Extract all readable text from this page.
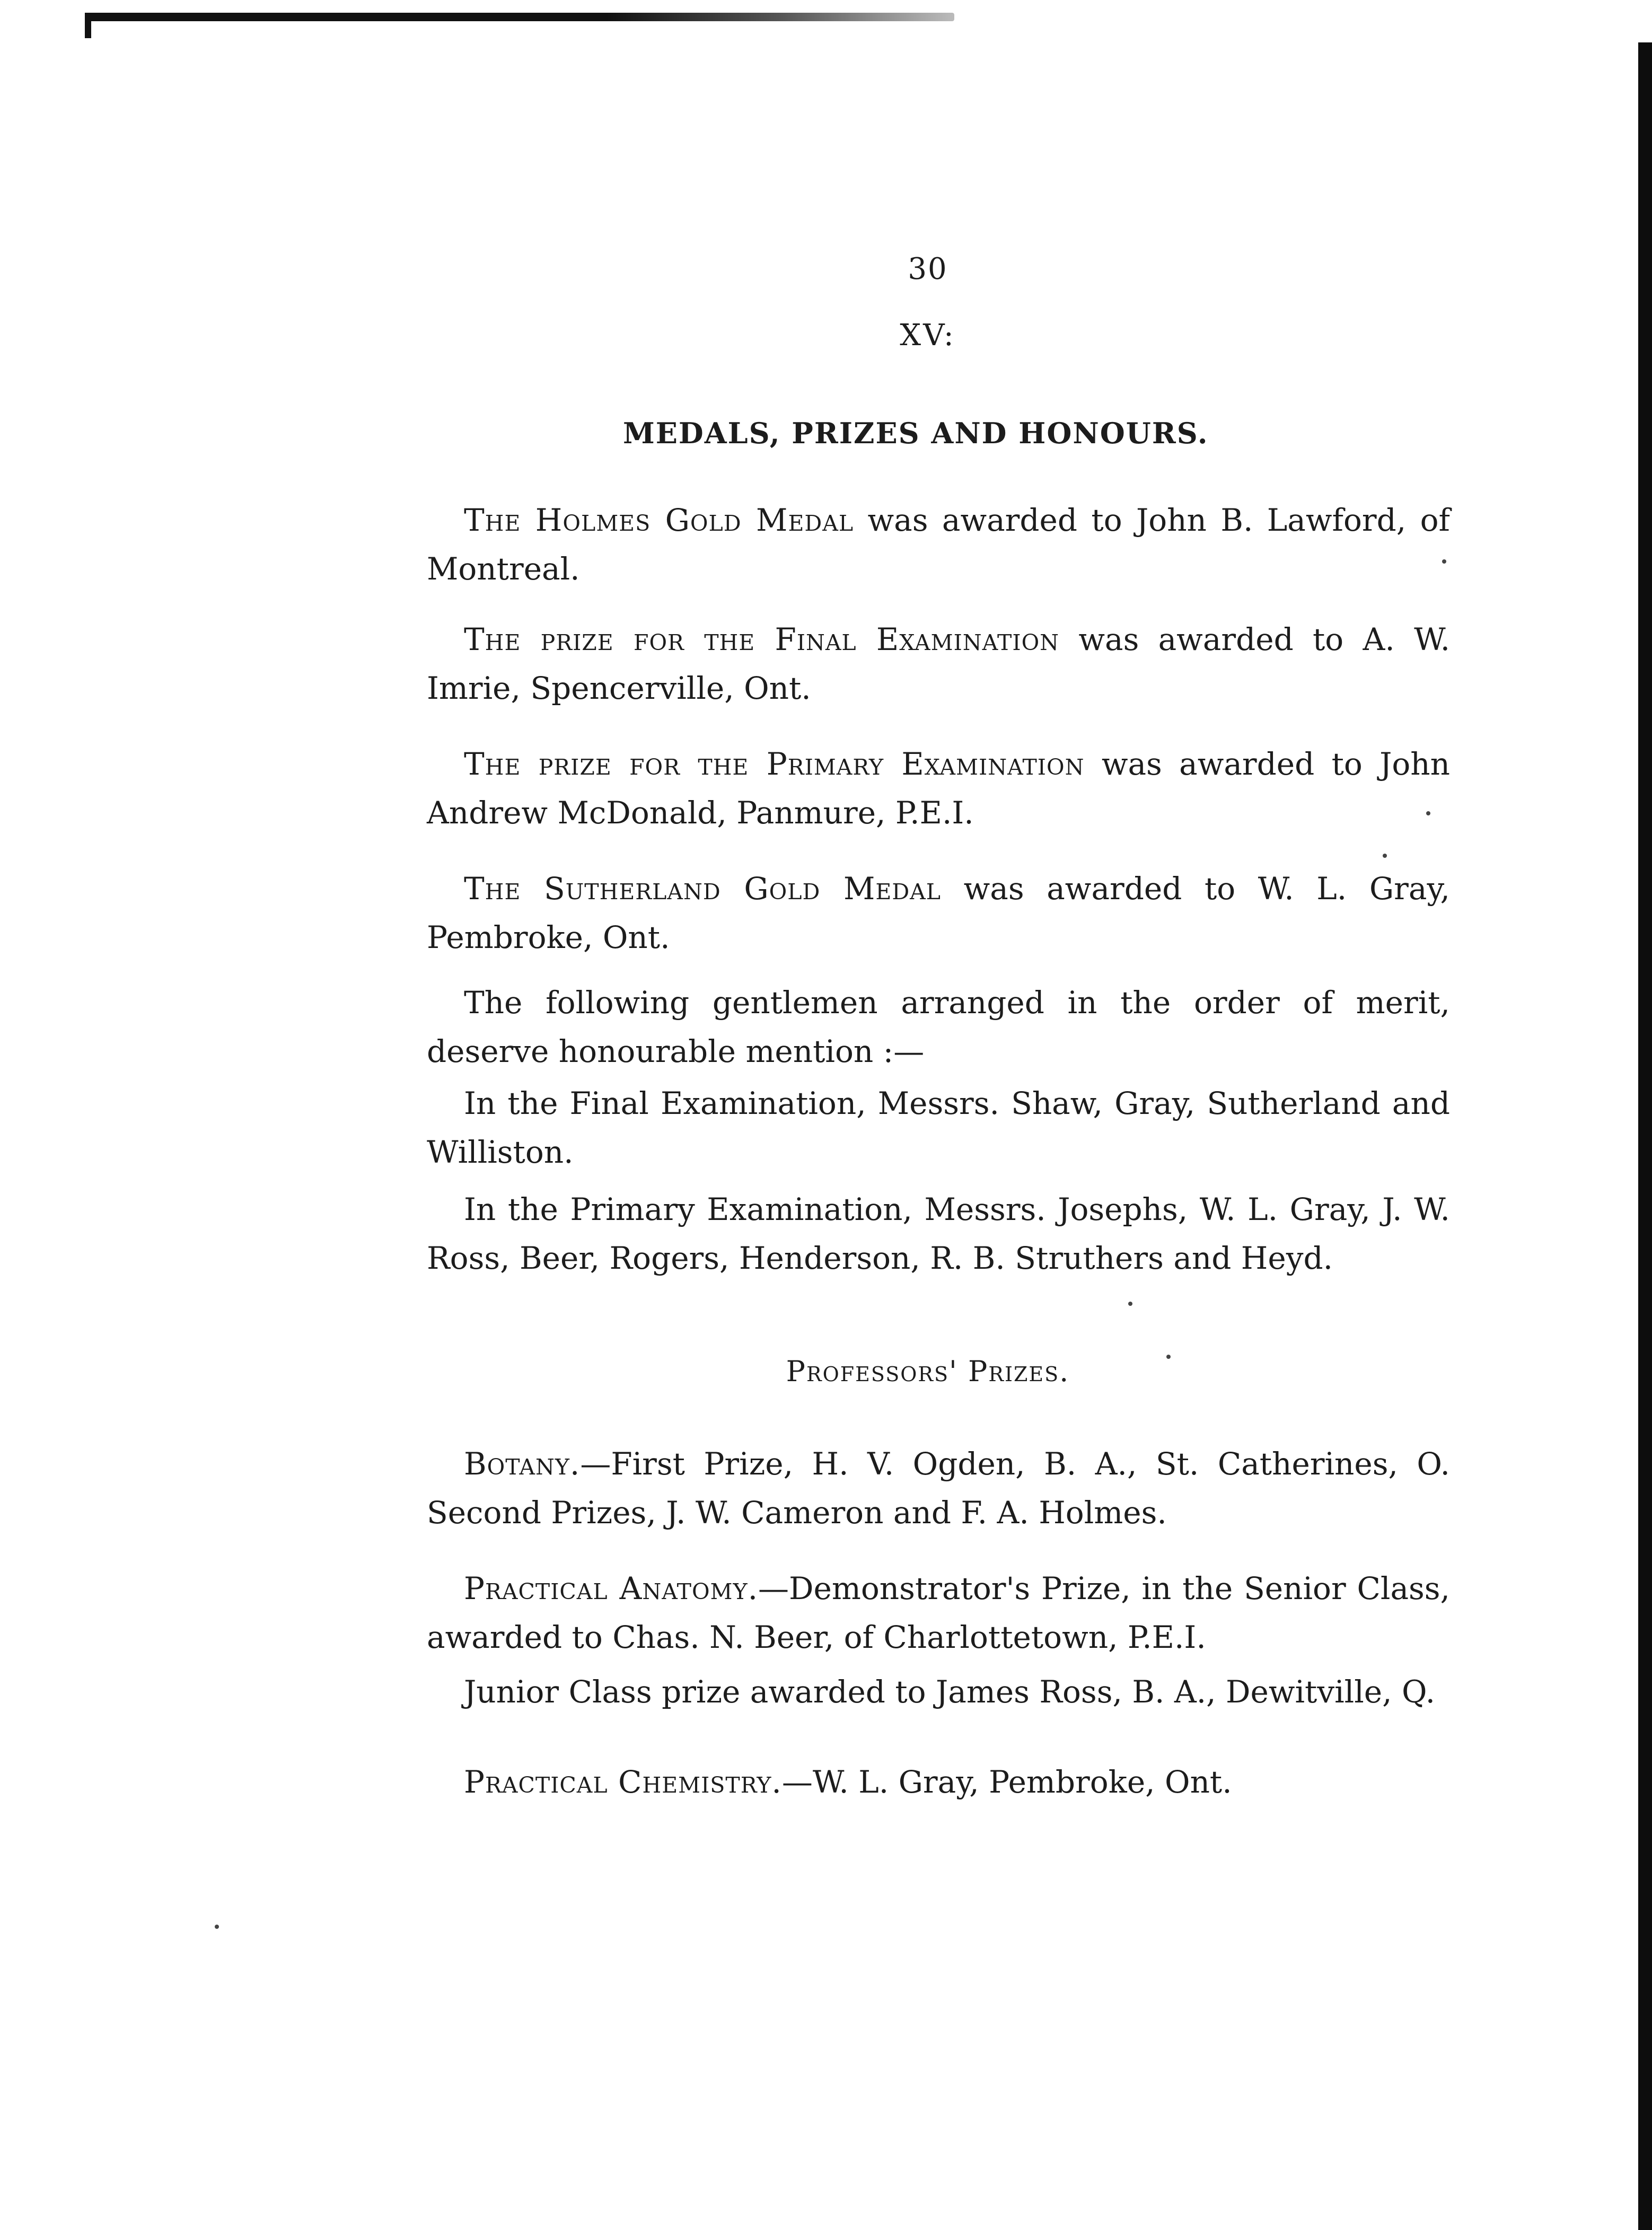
30
XV:
MEDALS, PRIZES AND HONOURS.

The Holmes Gold Medal was awarded to John B. Lawford, of Montreal.

The prize for the Final Examination was awarded to A. W. Imrie, Spencerville, Ont.

The prize for the Primary Examination was awarded to John Andrew McDonald, Panmure, P.E.I.

The Sutherland Gold Medal was awarded to W. L. Gray, Pembroke, Ont.

The following gentlemen arranged in the order of merit, deserve honourable mention :—

In the Final Examination, Messrs. Shaw, Gray, Sutherland and Williston.

In the Primary Examination, Messrs. Josephs, W. L. Gray, J. W. Ross, Beer, Rogers, Henderson, R. B. Struthers and Heyd.

Professors' Prizes.

Botany.—First Prize, H. V. Ogden, B. A., St. Catherines, O. Second Prizes, J. W. Cameron and F. A. Holmes.

Practical Anatomy.—Demonstrator's Prize, in the Senior Class, awarded to Chas. N. Beer, of Charlottetown, P.E.I.

Junior Class prize awarded to James Ross, B. A., Dewitville, Q.

Practical Chemistry.—W. L. Gray, Pembroke, Ont.
